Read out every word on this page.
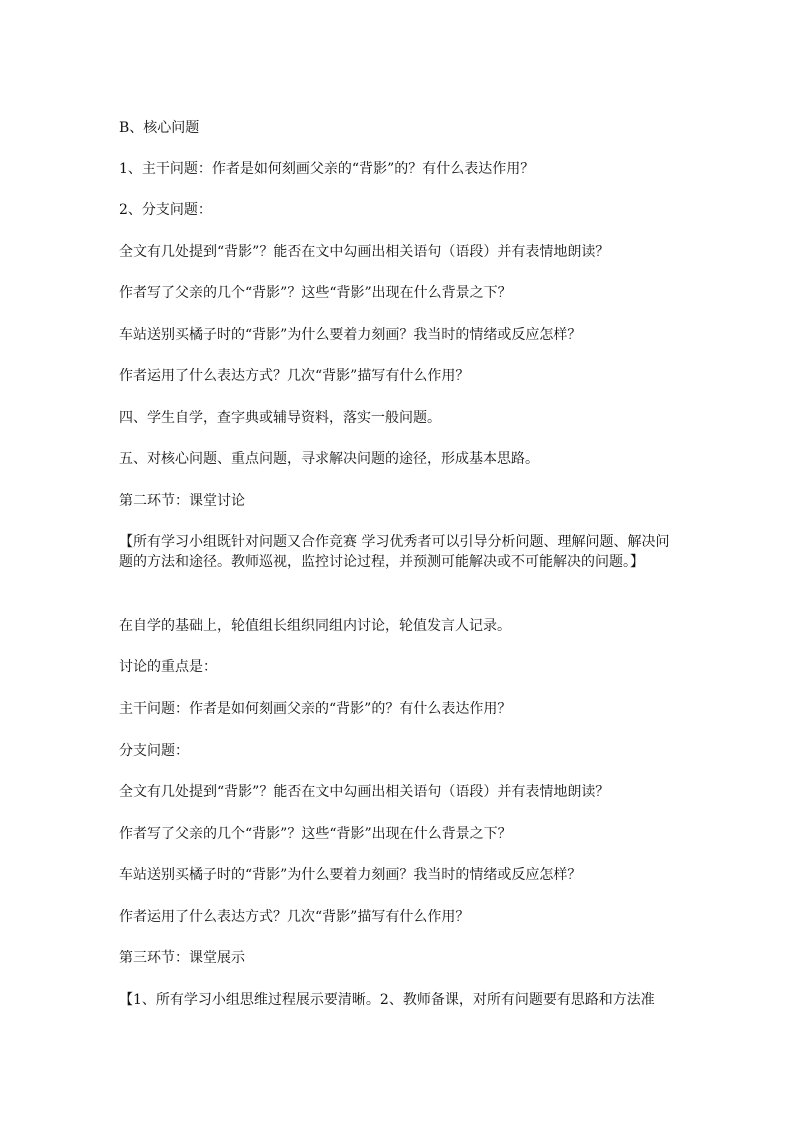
B、核心问题
1、主干问题：作者是如何刻画父亲的“背影”的？有什么表达作用？
2、分支问题：
全文有几处提到“背影”？能否在文中勾画出相关语句（语段）并有表情地朗读？
作者写了父亲的几个“背影”？这些“背影”出现在什么背景之下？
车站送别买橘子时的“背影”为什么要着力刻画？我当时的情绪或反应怎样？
作者运用了什么表达方式？几次“背影”描写有什么作用？
四、学生自学，查字典或辅导资料，落实一般问题。
五、对核心问题、重点问题，寻求解决问题的途径，形成基本思路。
第二环节：课堂讨论
【所有学习小组既针对问题又合作竞赛 学习优秀者可以引导分析问题、理解问题、解决问题的方法和途径。教师巡视，监控讨论过程，并预测可能解决或不可能解决的问题。】
在自学的基础上，轮值组长组织同组内讨论，轮值发言人记录。
讨论的重点是：
主干问题：作者是如何刻画父亲的“背影”的？有什么表达作用？
分支问题：
全文有几处提到“背影”？能否在文中勾画出相关语句（语段）并有表情地朗读？
作者写了父亲的几个“背影”？这些“背影”出现在什么背景之下？
车站送别买橘子时的“背影”为什么要着力刻画？我当时的情绪或反应怎样？
作者运用了什么表达方式？几次“背影”描写有什么作用？
第三环节：课堂展示
【1、所有学习小组思维过程展示要清晰。2、教师备课，对所有问题要有思路和方法准
